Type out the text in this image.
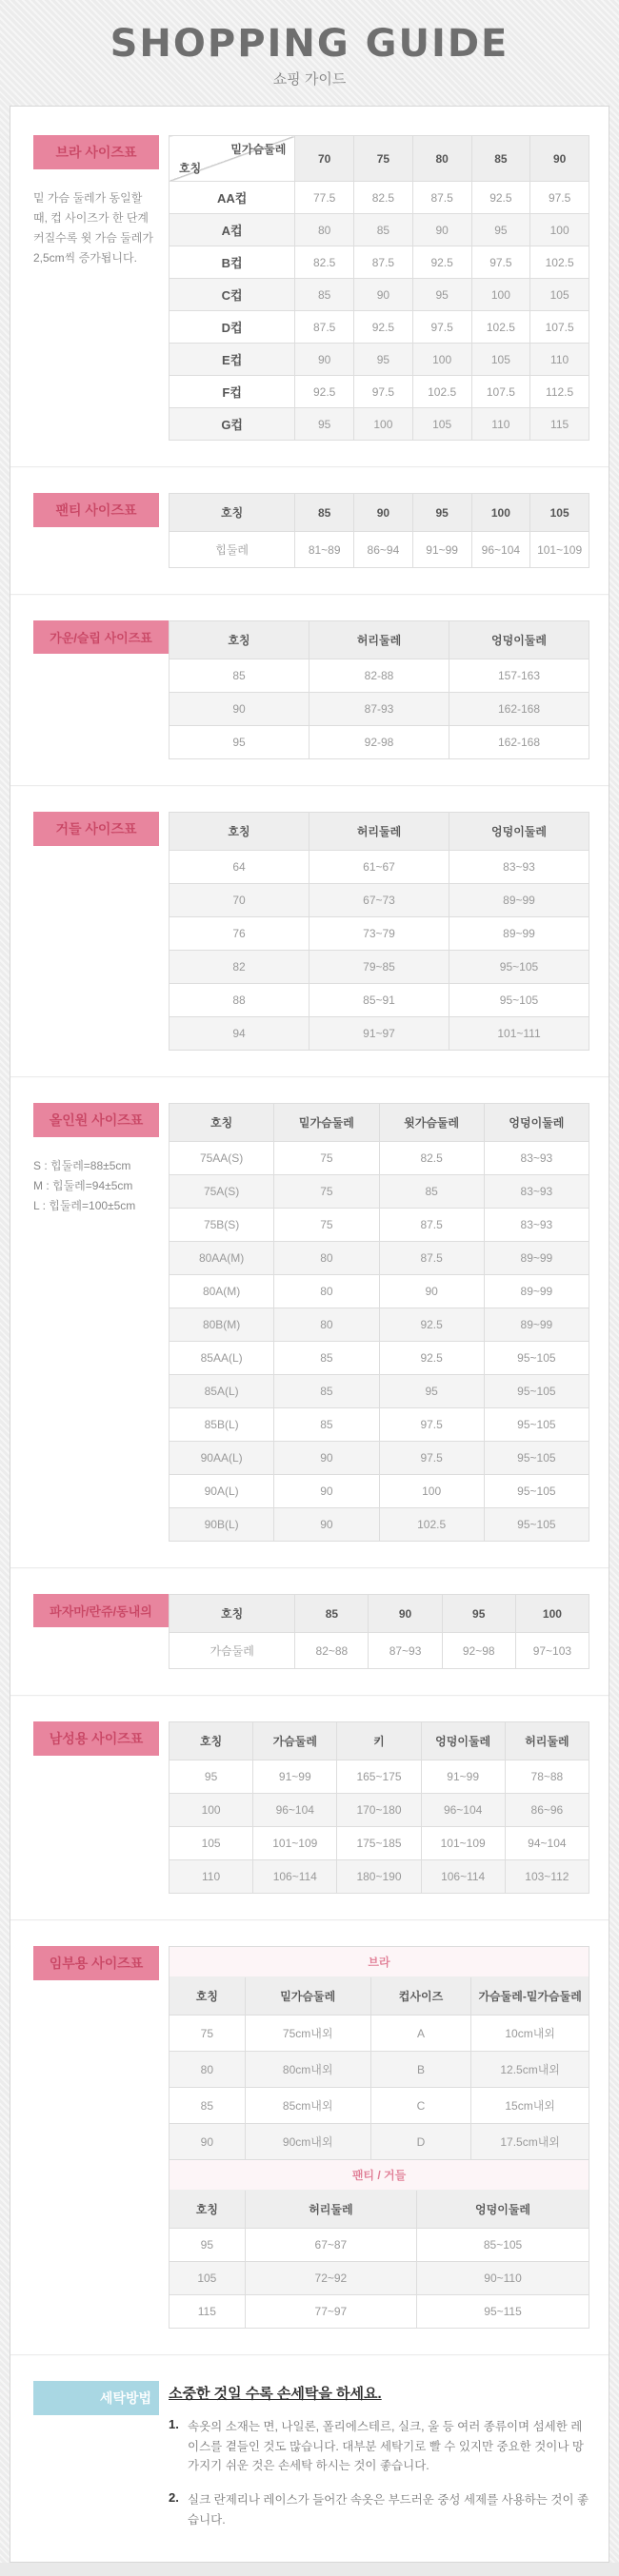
SHOPPING GUIDE
쇼핑 가이드
브라 사이즈표
밑 가슴 둘레가 동일할 때, 컵 사이즈가 한 단계 커질수록 윗 가슴 둘레가 2,5cm씩 증가됩니다.
밑가슴둘레
호칭	70	75	80	85	90
AA컵	77.5	82.5	87.5	92.5	97.5
A컵	80	85	90	95	100
B컵	82.5	87.5	92.5	97.5	102.5
C컵	85	90	95	100	105
D컵	87.5	92.5	97.5	102.5	107.5
E컵	90	95	100	105	110
F컵	92.5	97.5	102.5	107.5	112.5
G컵	95	100	105	110	115
팬티 사이즈표	호칭	85	90	95	100	105
힙둘레	81~89	86~94	91~99	96~104	101~109
가운/슬립 사이즈표	호칭	허리둘레	엉덩이둘레
85	82-88	157-163
90	87-93	162-168
95	92-98	162-168
거들 사이즈표	호칭	허리둘레	엉덩이둘레
64	61~67	83~93
70	67~73	89~99
76	73~79	89~99
82	79~85	95~105
88	85~91	95~105
94	91~97	101~111
올인원 사이즈표
S : 힙둘레=88±5cm
M : 힙둘레=94±5cm
L : 힙둘레=100±5cm
호칭	밑가슴둘레	윗가슴둘레	엉덩이둘레
75AA(S)	75	82.5	83~93
75A(S)	75	85	83~93
75B(S)	75	87.5	83~93
80AA(M)	80	87.5	89~99
80A(M)	80	90	89~99
80B(M)	80	92.5	89~99
85AA(L)	85	92.5	95~105
85A(L)	85	95	95~105
85B(L)	85	97.5	95~105
90AA(L)	90	97.5	95~105
90A(L)	90	100	95~105
90B(L)	90	102.5	95~105
파자마/란쥬/동내의	호칭	85	90	95	100
가슴둘레	82~88	87~93	92~98	97~103
남성용 사이즈표	호칭	가슴둘레	키	엉덩이둘레	허리둘레
95	91~99	165~175	91~99	78~88
100	96~104	170~180	96~104	86~96
105	101~109	175~185	101~109	94~104
110	106~114	180~190	106~114	103~112
임부용 사이즈표	브라
호칭	밑가슴둘레	컵사이즈	가슴둘레-밑가슴둘레
75	75cm내외	A	10cm내외
80	80cm내외	B	12.5cm내외
85	85cm내외	C	15cm내외
90	90cm내외	D	17.5cm내외
팬티 / 거들
호칭	허리둘레	엉덩이둘레
95	67~87	85~105
105	72~92	90~110
115	77~97	95~115
세탁방법	소중한 것일 수록 손세탁을 하세요.
1. 속옷의 소재는 면, 나일론, 폴리에스테르, 실크, 울 등 여러 종류이며 섬세한 레이스를 곁들인 것도 많습니다. 대부분 세탁기로 빨 수 있지만 중요한 것이나 망가지기 쉬운 것은 손세탁 하시는 것이 좋습니다.
2. 실크 란제리나 레이스가 들어간 속옷은 부드러운 중성 세제를 사용하는 것이 좋습니다.
